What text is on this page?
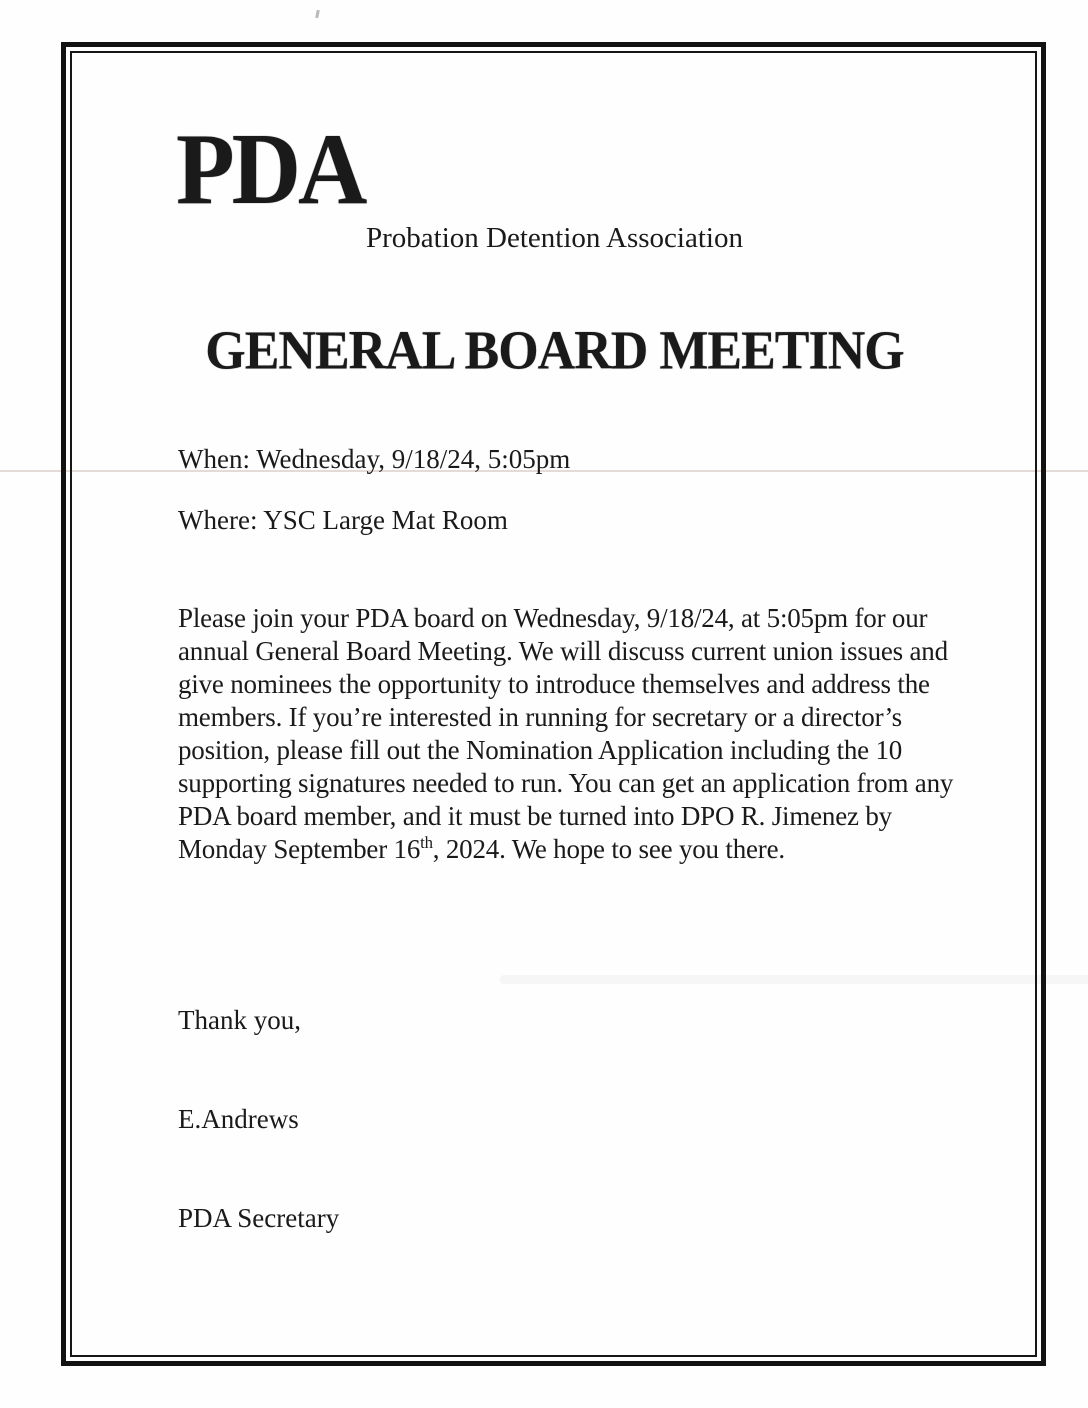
PDA
Probation Detention Association
GENERAL BOARD MEETING
When: Wednesday, 9/18/24, 5:05pm
Where: YSC Large Mat Room

Please join your PDA board on Wednesday, 9/18/24, at 5:05pm for our annual General Board Meeting. We will discuss current union issues and give nominees the opportunity to introduce themselves and address the members. If you’re interested in running for secretary or a director’s position, please fill out the Nomination Application including the 10 supporting signatures needed to run. You can get an application from any PDA board member, and it must be turned into DPO R. Jimenez by Monday September 16th, 2024. We hope to see you there.

Thank you,

E.Andrews

PDA Secretary
